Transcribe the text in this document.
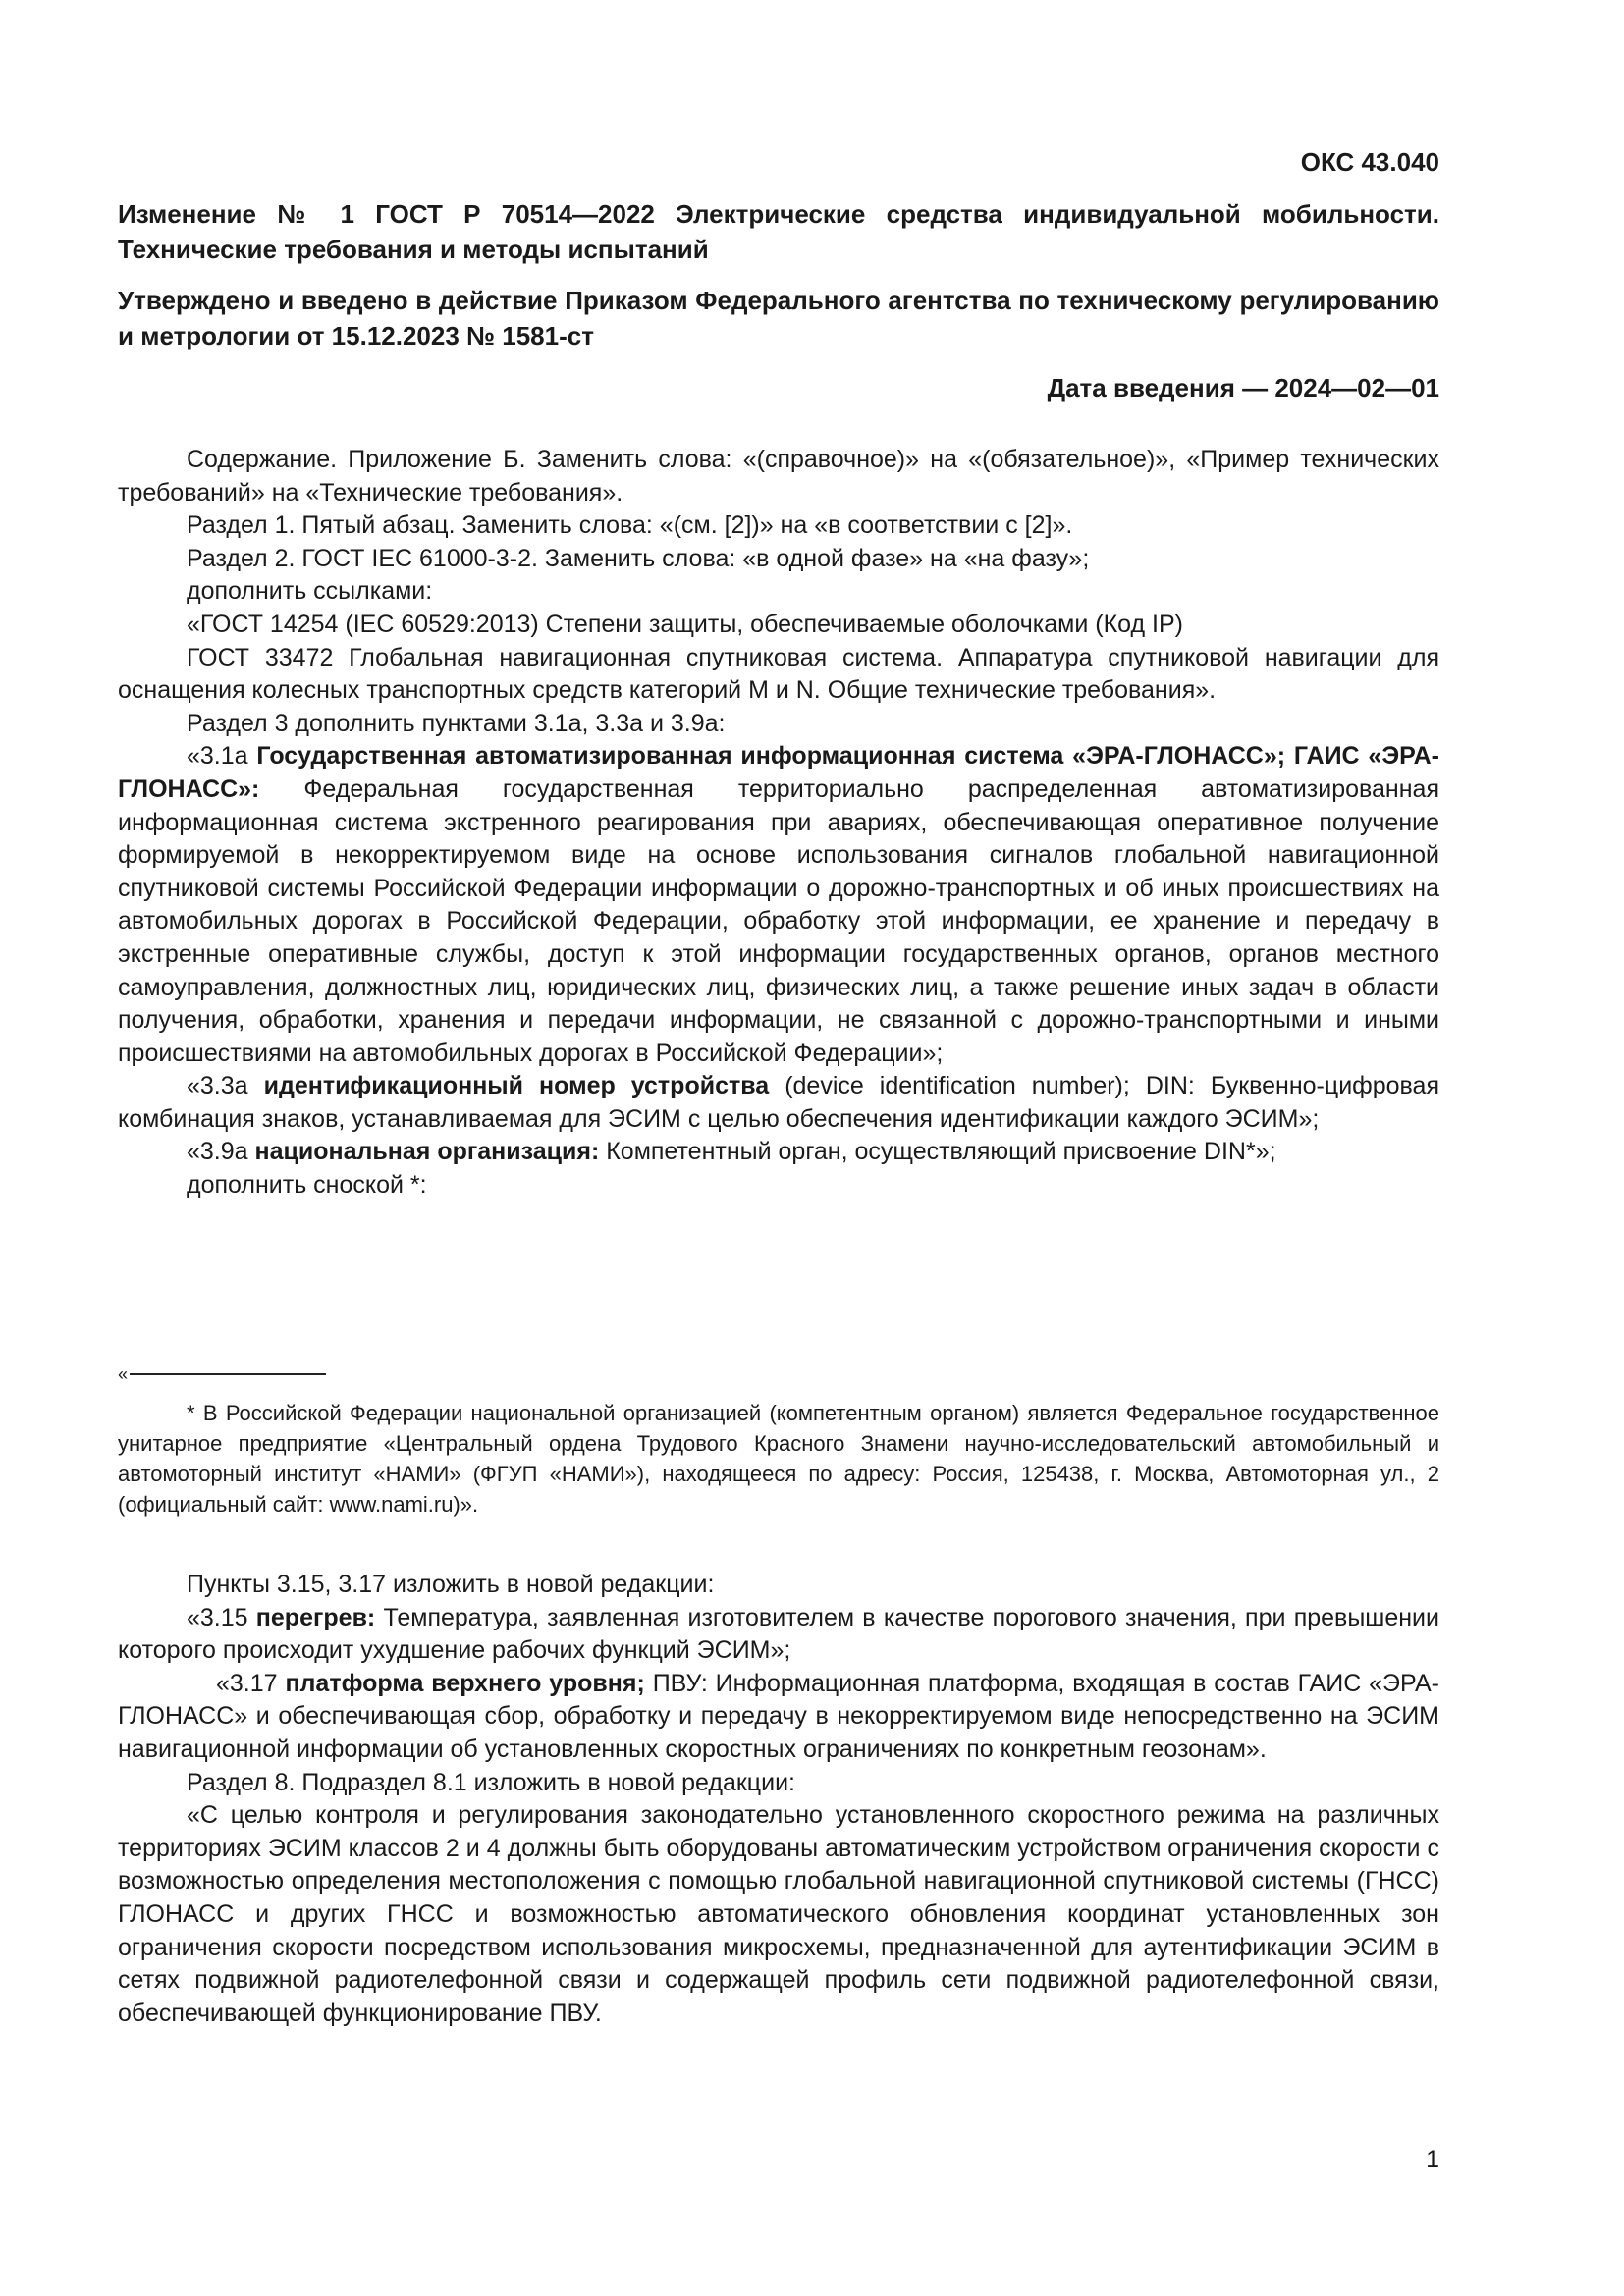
ОКС 43.040

Изменение № 1 ГОСТ Р 70514—2022 Электрические средства индивидуальной мобильности. Технические требования и методы испытаний

Утверждено и введено в действие Приказом Федерального агентства по техническому регулированию и метрологии от 15.12.2023 № 1581-ст

Дата введения — 2024—02—01

Содержание. Приложение Б. Заменить слова: «(справочное)» на «(обязательное)», «Пример технических требований» на «Технические требования».

Раздел 1. Пятый абзац. Заменить слова: «(см. [2])» на «в соответствии с [2]».

Раздел 2. ГОСТ IEC 61000-3-2. Заменить слова: «в одной фазе» на «на фазу»;

дополнить ссылками:

«ГОСТ 14254 (IEC 60529:2013) Степени защиты, обеспечиваемые оболочками (Код IP)

ГОСТ 33472 Глобальная навигационная спутниковая система. Аппаратура спутниковой навигации для оснащения колесных транспортных средств категорий М и N. Общие технические требования».

Раздел 3 дополнить пунктами 3.1а, 3.3а и 3.9а:

«3.1а Государственная автоматизированная информационная система «ЭРА-ГЛОНАСС»; ГАИС «ЭРА-ГЛОНАСС»: Федеральная государственная территориально распределенная автоматизированная информационная система экстренного реагирования при авариях, обеспечивающая оперативное получение формируемой в некорректируемом виде на основе использования сигналов глобальной навигационной спутниковой системы Российской Федерации информации о дорожно-транспортных и об иных происшествиях на автомобильных дорогах в Российской Федерации, обработку этой информации, ее хранение и передачу в экстренные оперативные службы, доступ к этой информации государственных органов, органов местного самоуправления, должностных лиц, юридических лиц, физических лиц, а также решение иных задач в области получения, обработки, хранения и передачи информации, не связанной с дорожно-транспортными и иными происшествиями на автомобильных дорогах в Российской Федерации»;

«3.3а идентификационный номер устройства (device identification number); DIN: Буквенно-цифровая комбинация знаков, устанавливаемая для ЭСИМ с целью обеспечения идентификации каждого ЭСИМ»;

«3.9а национальная организация: Компетентный орган, осуществляющий присвоение DIN*»;

дополнить сноской *:

«

* В Российской Федерации национальной организацией (компетентным органом) является Федеральное государственное унитарное предприятие «Центральный ордена Трудового Красного Знамени научно-исследовательский автомобильный и автомоторный институт «НАМИ» (ФГУП «НАМИ»), находящееся по адресу: Россия, 125438, г. Москва, Автомоторная ул., 2 (официальный сайт: www.nami.ru)».

Пункты 3.15, 3.17 изложить в новой редакции:

«3.15 перегрев: Температура, заявленная изготовителем в качестве порогового значения, при превышении которого происходит ухудшение рабочих функций ЭСИМ»;

«3.17 платформа верхнего уровня; ПВУ: Информационная платформа, входящая в состав ГАИС «ЭРА-ГЛОНАСС» и обеспечивающая сбор, обработку и передачу в некорректируемом виде непосредственно на ЭСИМ навигационной информации об установленных скоростных ограничениях по конкретным геозонам».

Раздел 8. Подраздел 8.1 изложить в новой редакции:

«С целью контроля и регулирования законодательно установленного скоростного режима на различных территориях ЭСИМ классов 2 и 4 должны быть оборудованы автоматическим устройством ограничения скорости с возможностью определения местоположения с помощью глобальной навигационной спутниковой системы (ГНСС) ГЛОНАСС и других ГНСС и возможностью автоматического обновления координат установленных зон ограничения скорости посредством использования микросхемы, предназначенной для аутентификации ЭСИМ в сетях подвижной радиотелефонной связи и содержащей профиль сети подвижной радиотелефонной связи, обеспечивающей функционирование ПВУ.

1
